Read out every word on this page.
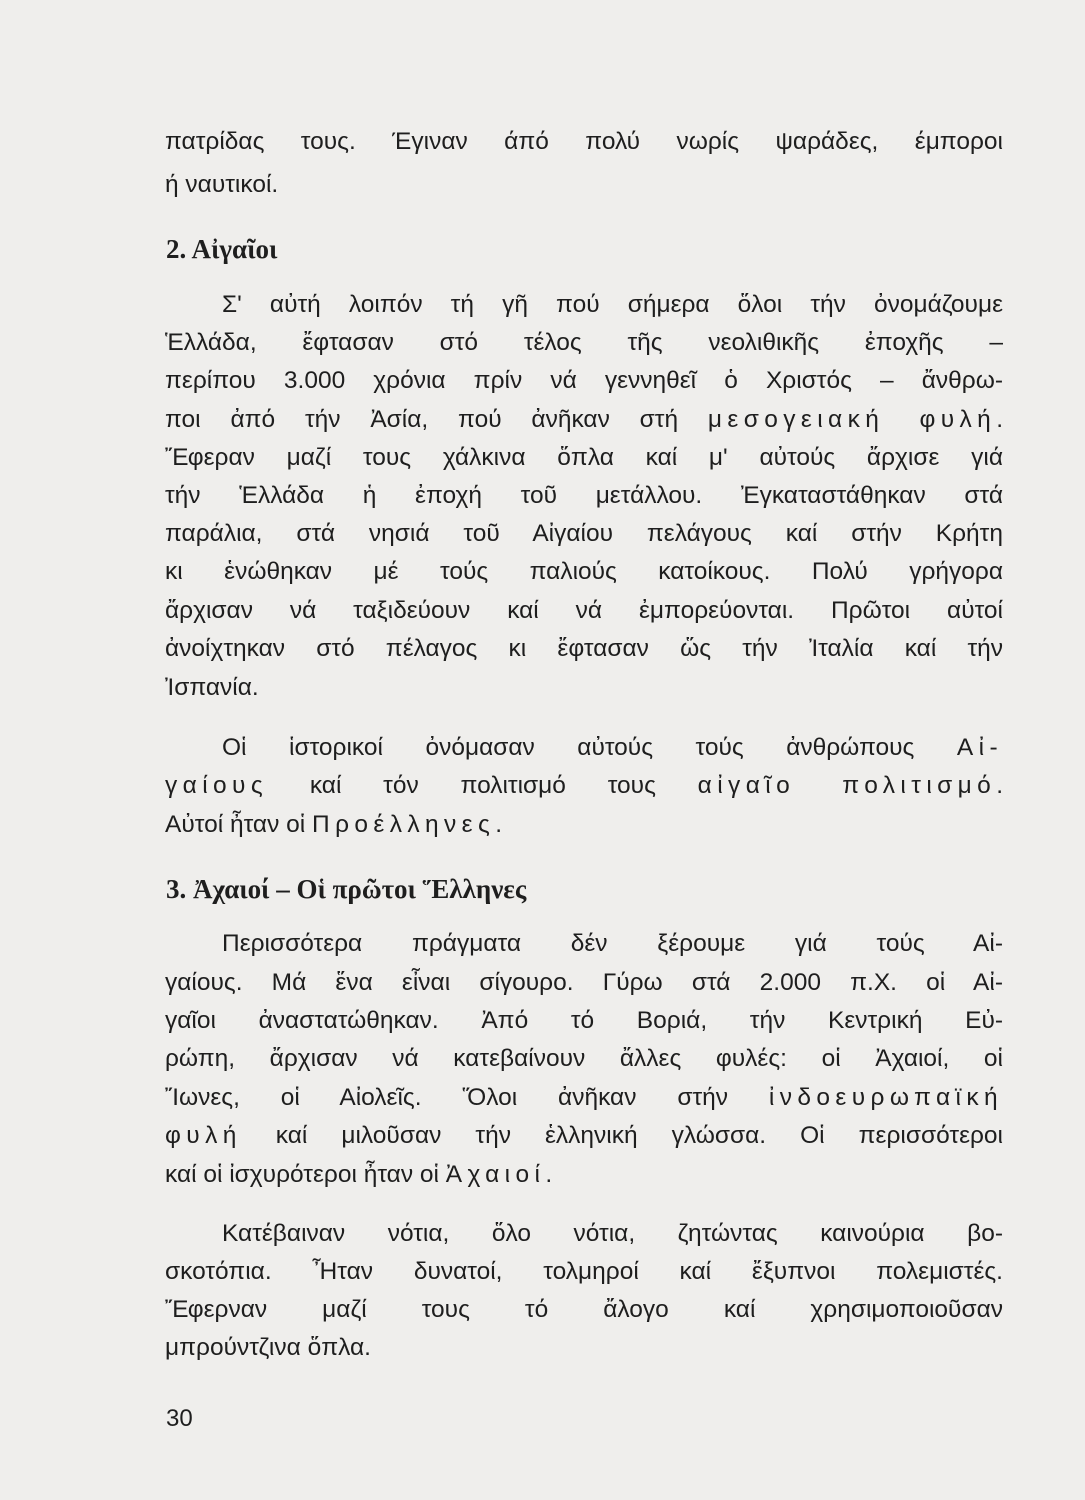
πατρίδας τους. Έγιναν άπό πολύ νωρίς ψαράδες, έμποροι
ή ναυτικοί.
2. Αἰγαῖοι
Σ' αὐτή λοιπόν τή γῆ πού σήμερα ὅλοι τήν ὀνομάζουμε
Ἑλλάδα, ἔφτασαν στό τέλος τῆς νεολιθικῆς ἐποχῆς –
περίπου 3.000 χρόνια πρίν νά γεννηθεῖ ὁ Χριστός – ἄνθρω-
ποι ἀπό τήν Ἀσία, πού ἀνῆκαν στή μεσογειακή φυλή.
Ἔφεραν μαζί τους χάλκινα ὅπλα καί μ' αὐτούς ἄρχισε γιά
τήν Ἑλλάδα ἡ ἐποχή τοῦ μετάλλου. Ἐγκαταστάθηκαν στά
παράλια, στά νησιά τοῦ Αἰγαίου πελάγους καί στήν Κρήτη
κι ἑνώθηκαν μέ τούς παλιούς κατοίκους. Πολύ γρήγορα
ἄρχισαν νά ταξιδεύουν καί νά ἐμπορεύονται. Πρῶτοι αὐτοί
ἀνοίχτηκαν στό πέλαγος κι ἔφτασαν ὥς τήν Ἰταλία καί τήν
Ἰσπανία.
Οἱ ἱστορικοί ὀνόμασαν αὐτούς τούς ἀνθρώπους Αἰ-
γαίους καί τόν πολιτισμό τους αἰγαῖο πολιτισμό.
Αὐτοί ἦταν οἱ Προέλληνες.
3. Ἀχαιοί – Οἱ πρῶτοι Ἕλληνες
Περισσότερα πράγματα δέν ξέρουμε γιά τούς Αἰ-
γαίους. Μά ἕνα εἶναι σίγουρο. Γύρω στά 2.000 π.Χ. οἱ Αἰ-
γαῖοι ἀναστατώθηκαν. Ἀπό τό Βοριά, τήν Κεντρική Εὐ-
ρώπη, ἄρχισαν νά κατεβαίνουν ἄλλες φυλές: οἱ Ἀχαιοί, οἱ
Ἴωνες, οἱ Αἰολεῖς. Ὅλοι ἀνῆκαν στήν ἰνδοευρωπαϊκή
φυλή καί μιλοῦσαν τήν ἑλληνική γλώσσα. Οἱ περισσότεροι
καί οἱ ἰσχυρότεροι ἦταν οἱ Ἀχαιοί.
Κατέβαιναν νότια, ὅλο νότια, ζητώντας καινούρια βο-
σκοτόπια. Ἦταν δυνατοί, τολμηροί καί ἔξυπνοι πολεμιστές.
Ἔφερναν μαζί τους τό ἄλογο καί χρησιμοποιοῦσαν
μπρούντζινα ὅπλα.
30
